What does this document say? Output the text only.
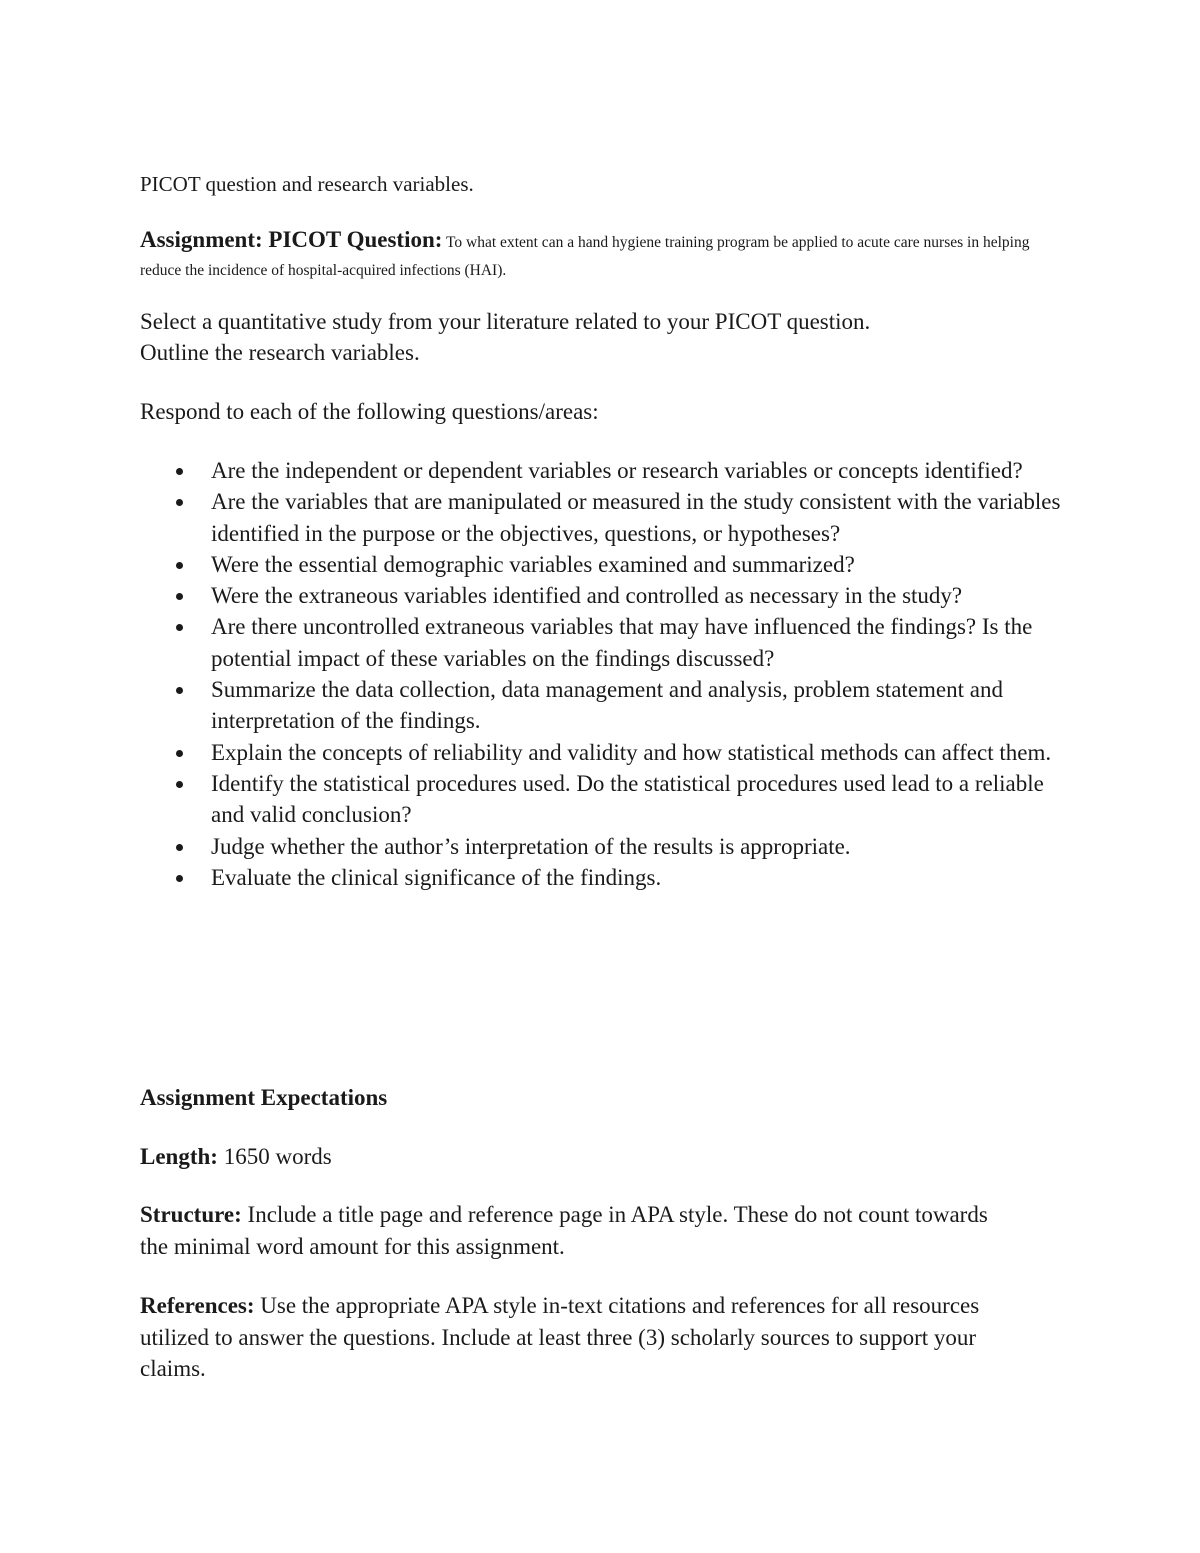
PICOT question and research variables.

Assignment: PICOT Question: To what extent can a hand hygiene training program be applied to acute care nurses in helping reduce the incidence of hospital-acquired infections (HAI).

Select a quantitative study from your literature related to your PICOT question. Outline the research variables.

Respond to each of the following questions/areas:

Are the independent or dependent variables or research variables or concepts identified?
Are the variables that are manipulated or measured in the study consistent with the variables identified in the purpose or the objectives, questions, or hypotheses?
Were the essential demographic variables examined and summarized?
Were the extraneous variables identified and controlled as necessary in the study?
Are there uncontrolled extraneous variables that may have influenced the findings? Is the potential impact of these variables on the findings discussed?
Summarize the data collection, data management and analysis, problem statement and interpretation of the findings.
Explain the concepts of reliability and validity and how statistical methods can affect them.
Identify the statistical procedures used. Do the statistical procedures used lead to a reliable and valid conclusion?
Judge whether the author’s interpretation of the results is appropriate.
Evaluate the clinical significance of the findings.

Assignment Expectations

Length: 1650 words

Structure: Include a title page and reference page in APA style. These do not count towards the minimal word amount for this assignment.

References: Use the appropriate APA style in-text citations and references for all resources utilized to answer the questions. Include at least three (3) scholarly sources to support your claims.
